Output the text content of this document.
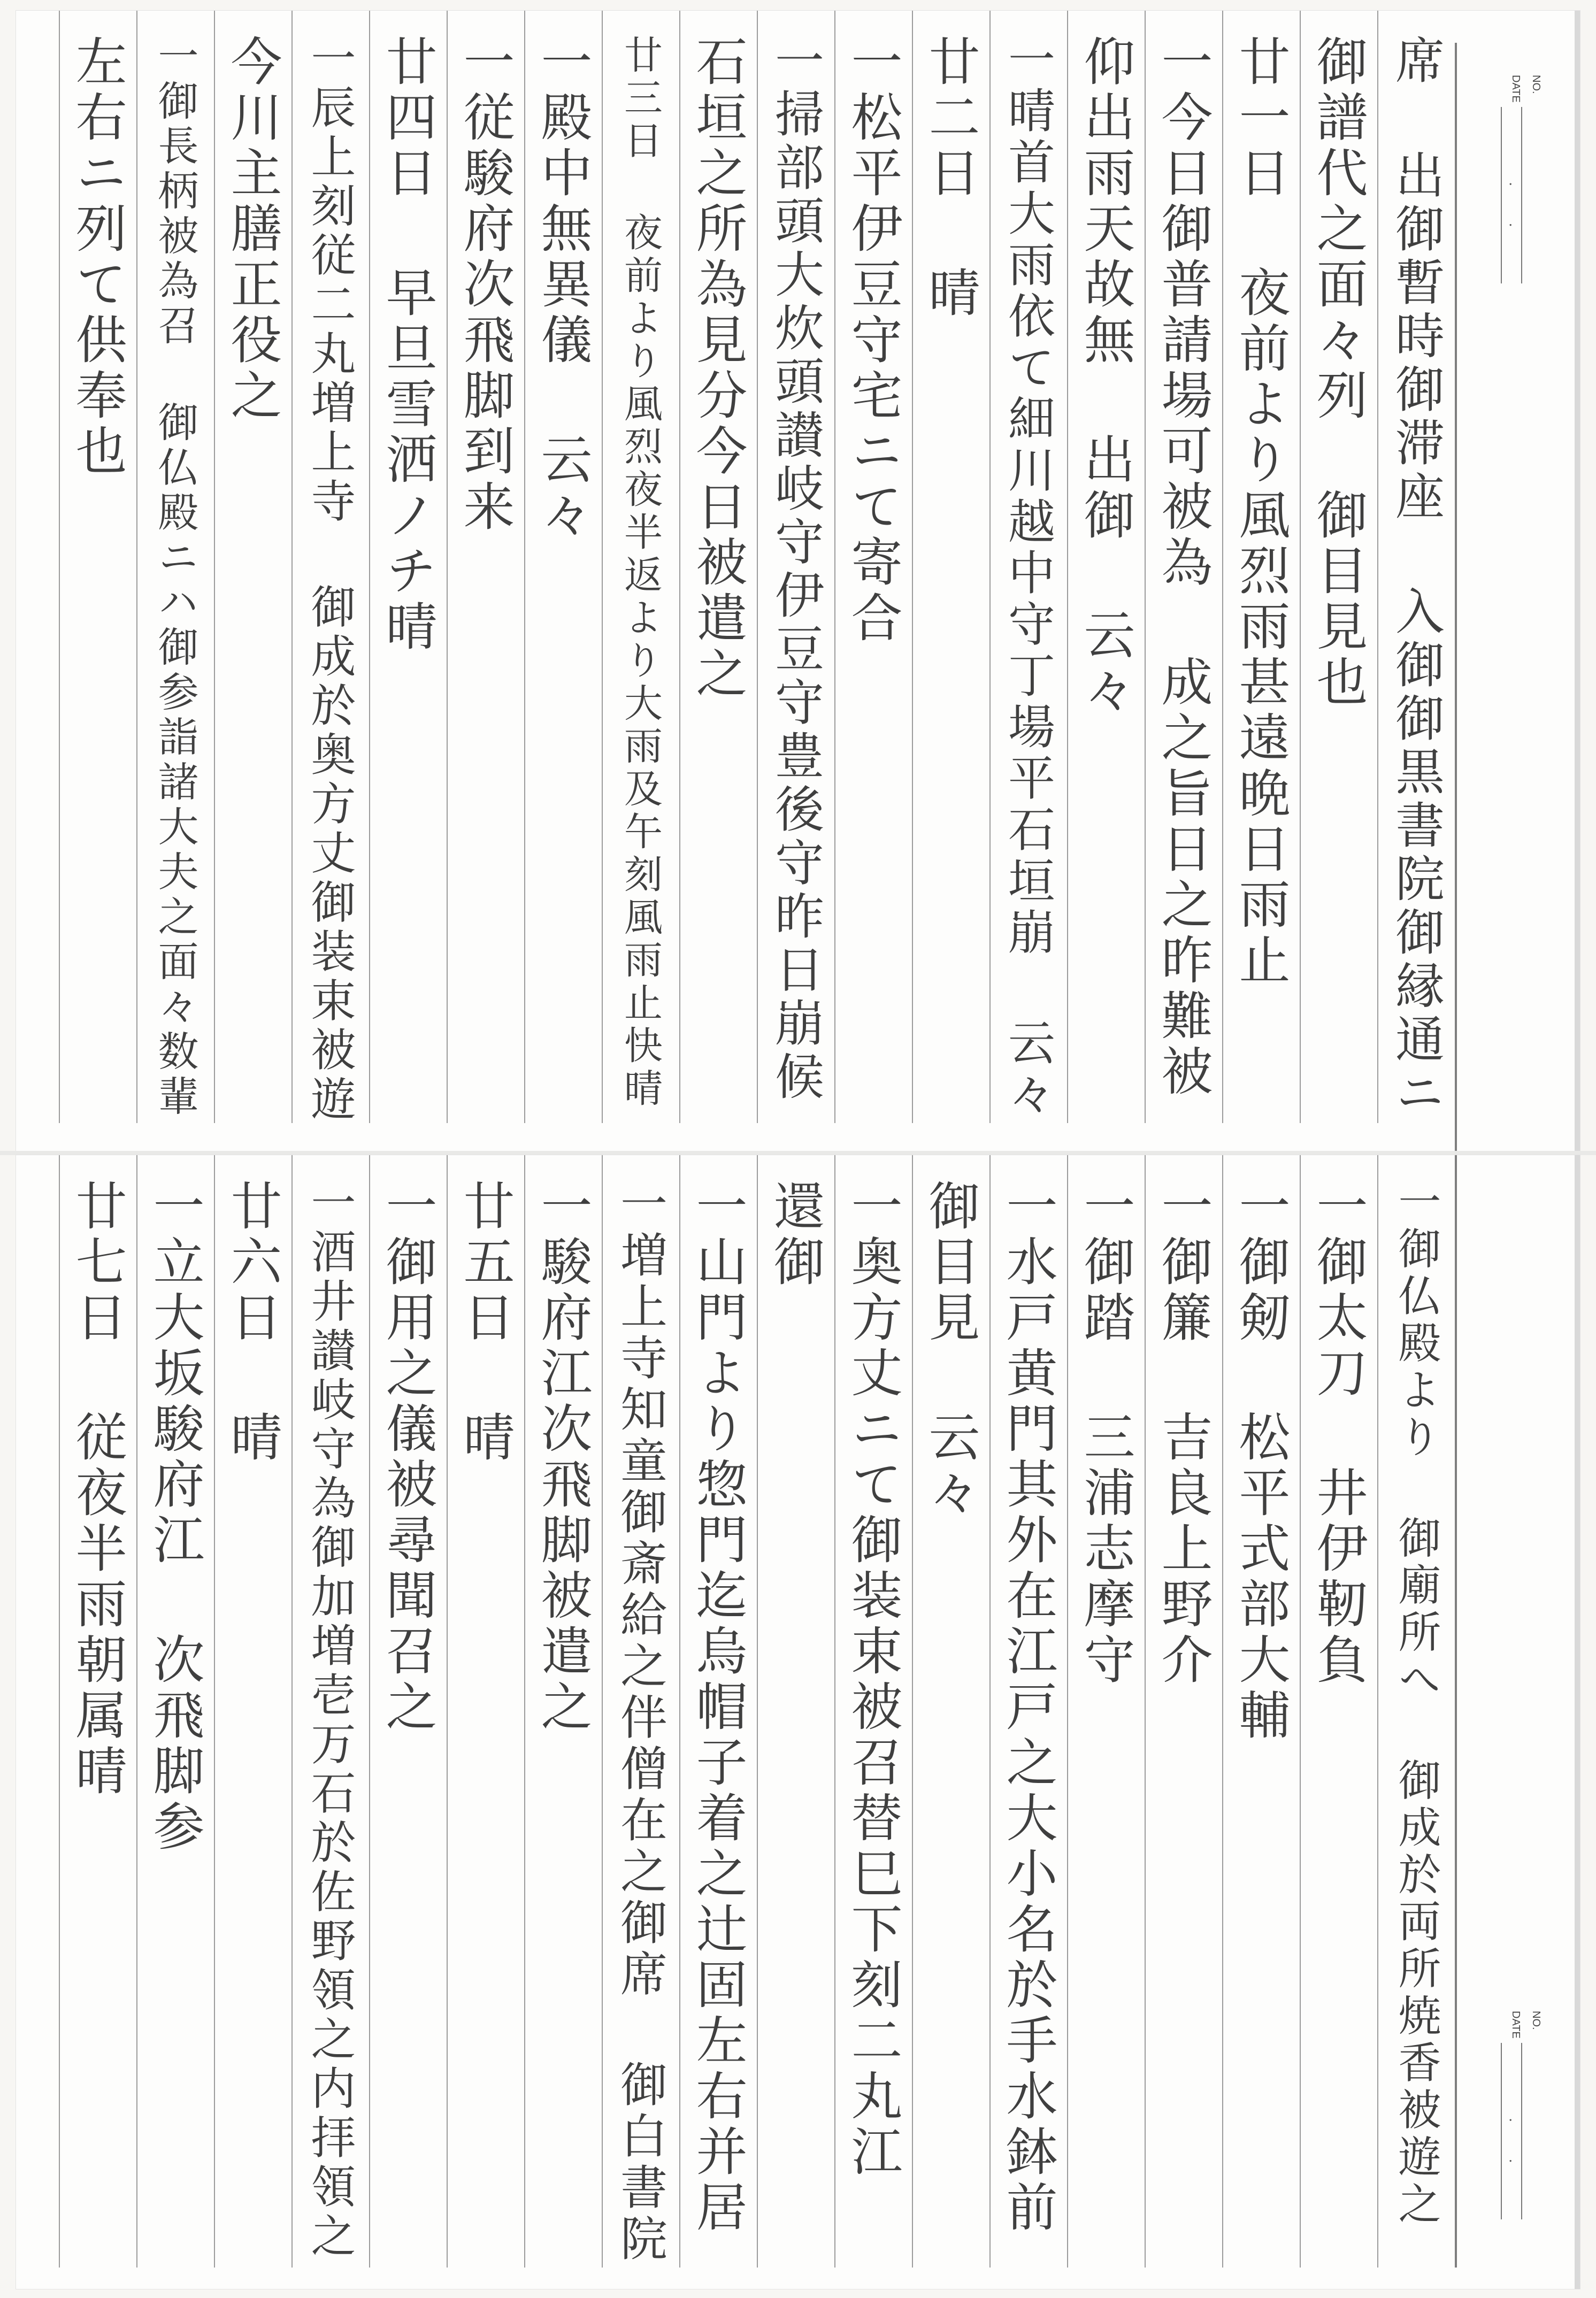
NO.
DATE
. .
席 出御暫時御滞座 入御御黒書院御縁通ニ
御譜代之面々列 御目見也
廿一日 夜前より風烈雨甚遠晩日雨止
一今日御普請場可被為 成之旨日之昨難被
仰出雨天故無 出御 云々
一晴首大雨依て細川越中守丁場平石垣崩 云々
廿二日 晴
一松平伊豆守宅ニて寄合
一掃部頭大炊頭讃岐守伊豆守豊後守昨日崩候
石垣之所為見分今日被遣之
廿三日 夜前より風烈夜半返より大雨及午刻風雨止快晴
一殿中無異儀 云々
一従駿府次飛脚到来
廿四日 早旦雪洒ノチ晴
一辰上刻従二丸増上寺 御成於奥方丈御装束被遊
今川主膳正役之
一御長柄被為召 御仏殿ニハ御参詣諸大夫之面々数輩
左右ニ列て供奉也
NO.
DATE
. .
一御仏殿より 御廟所へ 御成於両所焼香被遊之
一御太刀 井伊靭負
一御剱 松平式部大輔
一御簾 吉良上野介
一御踏 三浦志摩守
一水戸黄門其外在江戸之大小名於手水鉢前
御目見 云々
一奥方丈ニて御装束被召替巳下刻二丸江
還御
一山門より惣門迄烏帽子着之辻固左右并居
一増上寺知童御斎給之伴僧在之御席 御白書院
一駿府江次飛脚被遣之
廿五日 晴
一御用之儀被尋聞召之
一酒井讃岐守為御加増壱万石於佐野領之内拝領之
廿六日 晴
一立大坂駿府江 次飛脚参
廿七日 従夜半雨朝属晴
